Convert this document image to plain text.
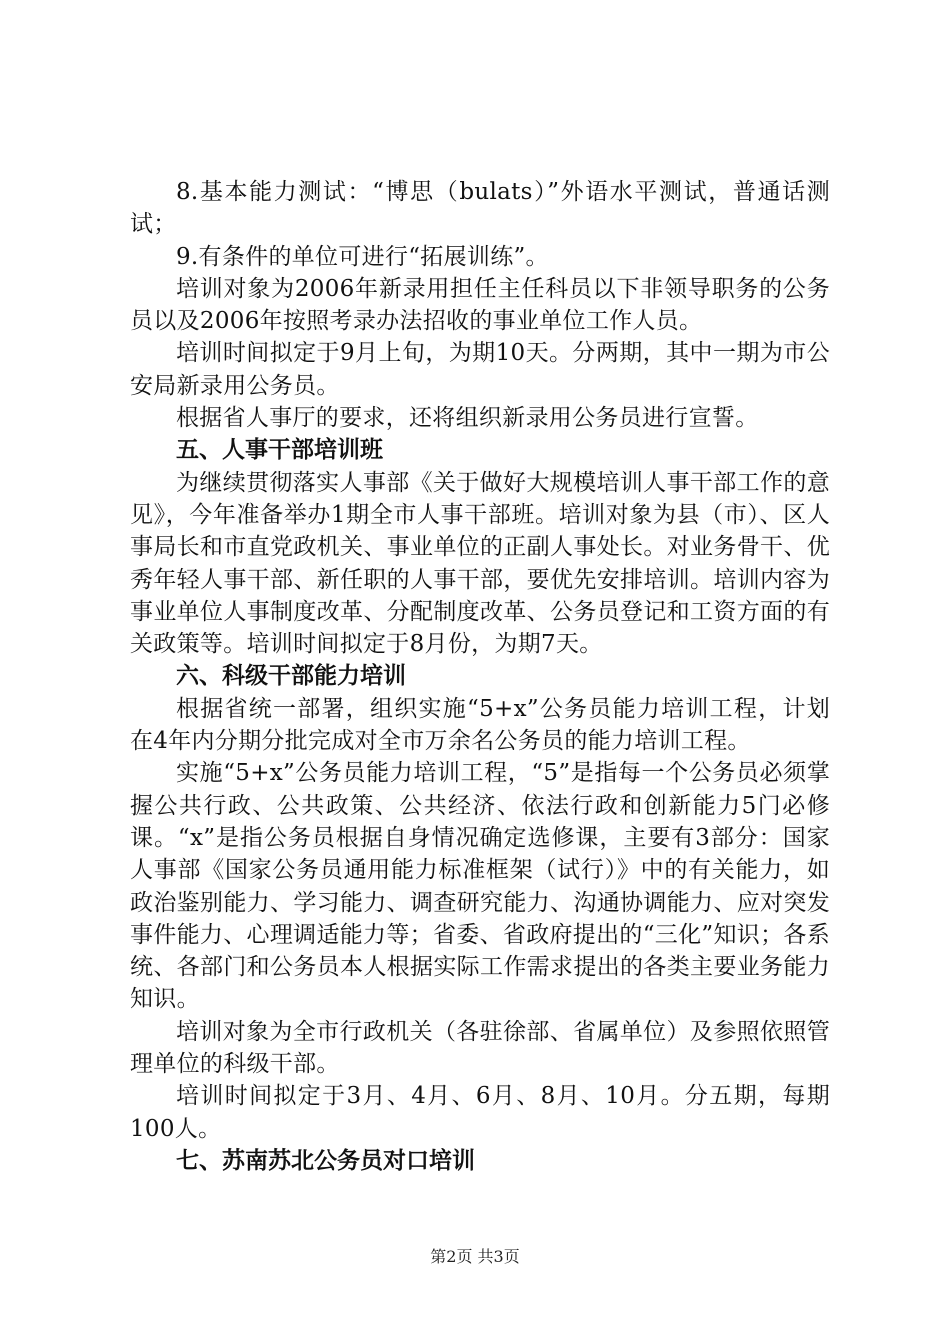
8.基本能力测试：“博思（bulats）”外语水平测试，普通话测试；

9.有条件的单位可进行“拓展训练”。

培训对象为2006年新录用担任主任科员以下非领导职务的公务员以及2006年按照考录办法招收的事业单位工作人员。

培训时间拟定于9月上旬，为期10天。分两期，其中一期为市公安局新录用公务员。

根据省人事厅的要求，还将组织新录用公务员进行宣誓。

五、人事干部培训班

为继续贯彻落实人事部《关于做好大规模培训人事干部工作的意见》，今年准备举办1期全市人事干部班。培训对象为县（市）、区人事局长和市直党政机关、事业单位的正副人事处长。对业务骨干、优秀年轻人事干部、新任职的人事干部，要优先安排培训。培训内容为事业单位人事制度改革、分配制度改革、公务员登记和工资方面的有关政策等。培训时间拟定于8月份，为期7天。

六、科级干部能力培训

根据省统一部署，组织实施“5+x”公务员能力培训工程，计划在4年内分期分批完成对全市万余名公务员的能力培训工程。

实施“5+x”公务员能力培训工程，“5”是指每一个公务员必须掌握公共行政、公共政策、公共经济、依法行政和创新能力5门必修课。“x”是指公务员根据自身情况确定选修课，主要有3部分：国家人事部《国家公务员通用能力标准框架（试行）》中的有关能力，如政治鉴别能力、学习能力、调查研究能力、沟通协调能力、应对突发事件能力、心理调适能力等；省委、省政府提出的“三化”知识；各系统、各部门和公务员本人根据实际工作需求提出的各类主要业务能力知识。

培训对象为全市行政机关（各驻徐部、省属单位）及参照依照管理单位的科级干部。

培训时间拟定于3月、4月、6月、8月、10月。分五期，每期100人。

七、苏南苏北公务员对口培训

第2页 共3页
